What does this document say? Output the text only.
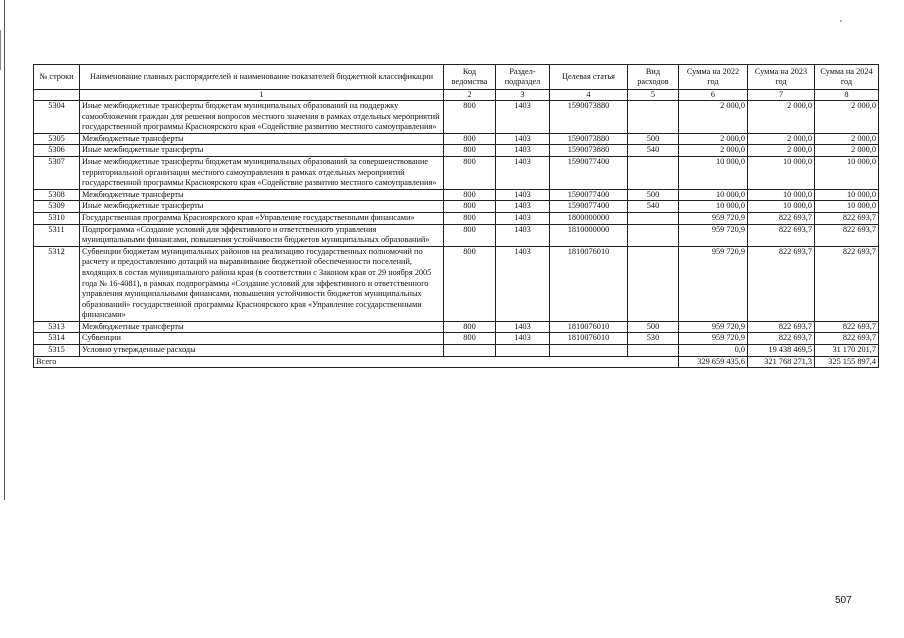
№ строки	Наименование главных распорядителей и наименование показателей бюджетной классификации	Код ведомства	Раздел-подраздел	Целевая статья	Вид расходов	Сумма на 2022 год	Сумма на 2023 год	Сумма на 2024 год
	1	2	3	4	5	6	7	8
5304	Иные межбюджетные трансферты бюджетам муниципальных образований на поддержку самообложения граждан для решения вопросов местного значения в рамках отдельных мероприятий государственной программы Красноярского края «Содействие развитию местного самоуправления»	800	1403	1590073880		2 000,0	2 000,0	2 000,0
5305	Межбюджетные трансферты	800	1403	1590073880	500	2 000,0	2 000,0	2 000,0
5306	Иные межбюджетные трансферты	800	1403	1590073880	540	2 000,0	2 000,0	2 000,0
5307	Иные межбюджетные трансферты бюджетам муниципальных образований за совершенствование территориальной организации местного самоуправления в рамках отдельных мероприятий государственной программы Красноярского края «Содействие развитию местного самоуправления»	800	1403	1590077400		10 000,0	10 000,0	10 000,0
5308	Межбюджетные трансферты	800	1403	1590077400	500	10 000,0	10 000,0	10 000,0
5309	Иные межбюджетные трансферты	800	1403	1590077400	540	10 000,0	10 000,0	10 000,0
5310	Государственная программа Красноярского края «Управление государственными финансами»	800	1403	1800000000		959 720,9	822 693,7	822 693,7
5311	Подпрограмма «Создание условий для эффективного и ответственного управления муниципальными финансами, повышения устойчивости бюджетов муниципальных образований»	800	1403	1810000000		959 720,9	822 693,7	822 693,7
5312	Субвенции бюджетам муниципальных районов на реализацию государственных полномочий по расчету и предоставлению дотаций на выравнивание бюджетной обеспеченности поселений, входящих в состав муниципального района края (в соответствии с Законом края от 29 ноября 2005 года № 16-4081), в рамках подпрограммы «Создание условий для эффективного и ответственного управления муниципальными финансами, повышения устойчивости бюджетов муниципальных образований» государственной программы Красноярского края «Управление государственными финансами»	800	1403	1810076010		959 720,9	822 693,7	822 693,7
5313	Межбюджетные трансферты	800	1403	1810076010	500	959 720,9	822 693,7	822 693,7
5314	Субвенции	800	1403	1810076010	530	959 720,9	822 693,7	822 693,7
5315	Условно утвержденные расходы					0,0	19 438 469,5	31 170 201,7
Всего						329 659 435,6	321 768 271,3	325 155 897,4
507
